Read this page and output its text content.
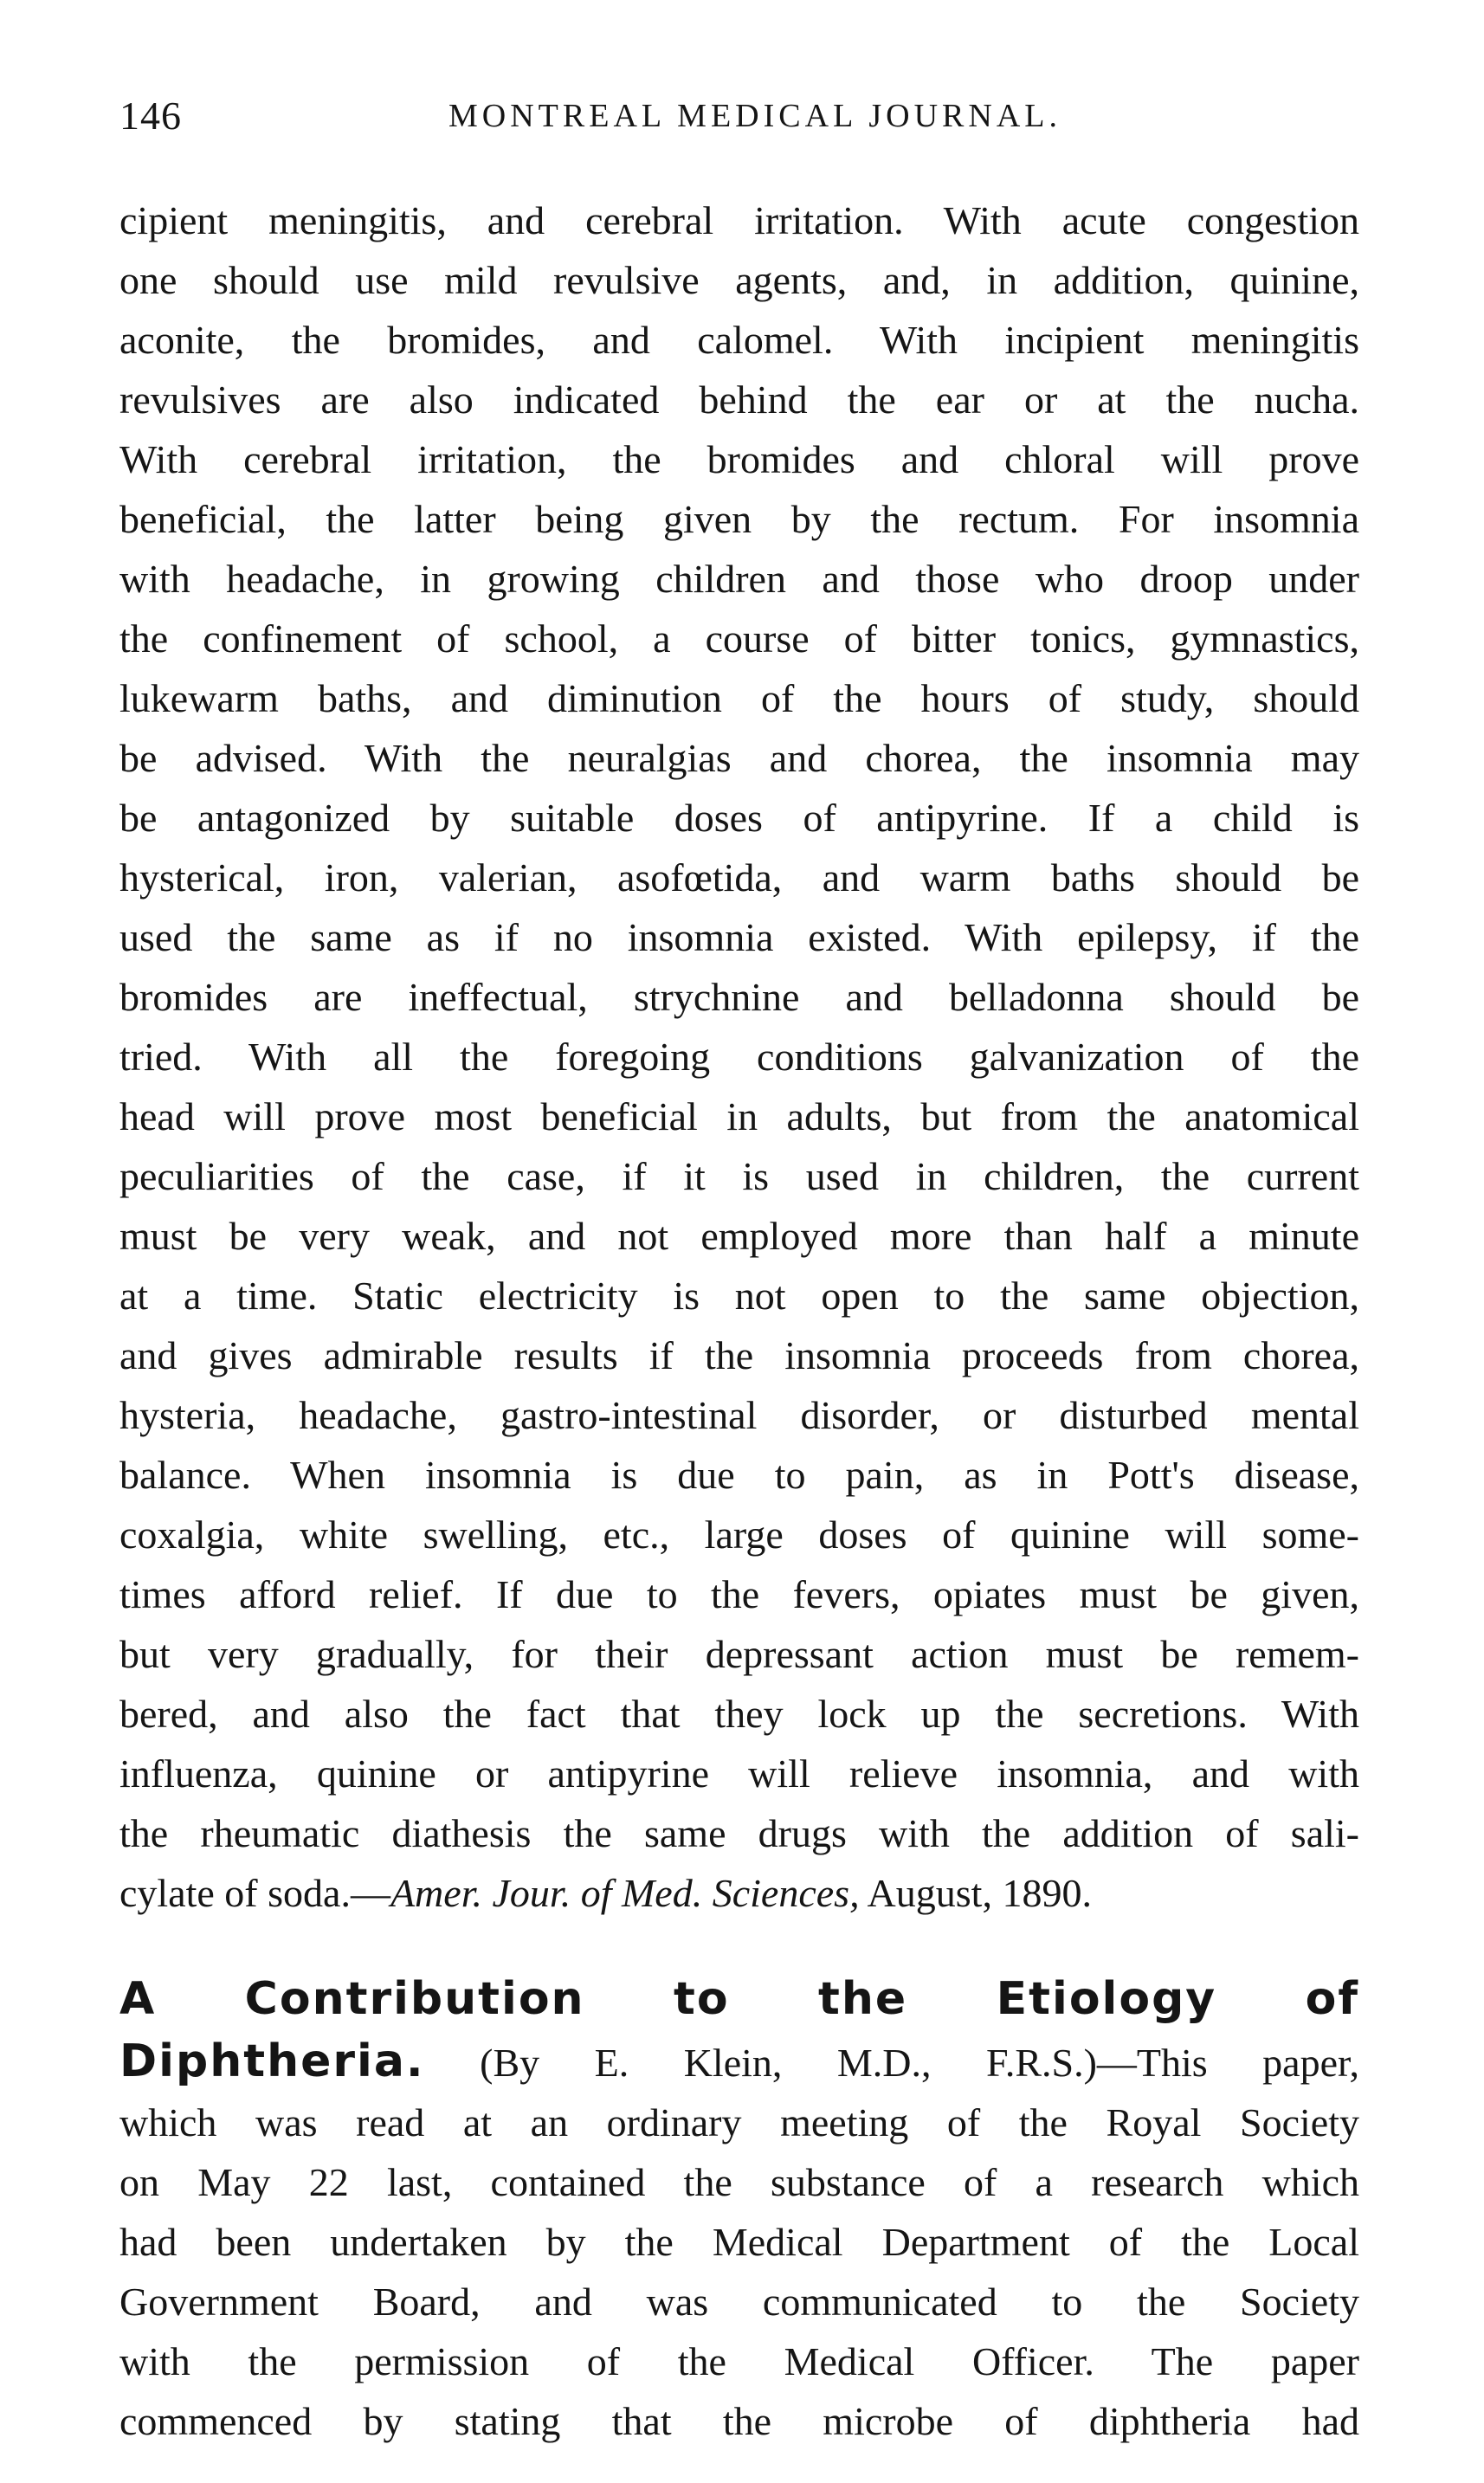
146	MONTREAL MEDICAL JOURNAL.
cipient meningitis, and cerebral irritation. With acute congestion
one should use mild revulsive agents, and, in addition, quinine,
aconite, the bromides, and calomel. With incipient meningitis
revulsives are also indicated behind the ear or at the nucha.
With cerebral irritation, the bromides and chloral will prove
beneficial, the latter being given by the rectum. For insomnia
with headache, in growing children and those who droop under
the confinement of school, a course of bitter tonics, gymnastics,
lukewarm baths, and diminution of the hours of study, should
be advised. With the neuralgias and chorea, the insomnia may
be antagonized by suitable doses of antipyrine. If a child is
hysterical, iron, valerian, asofœtida, and warm baths should be
used the same as if no insomnia existed. With epilepsy, if the
bromides are ineffectual, strychnine and belladonna should be
tried. With all the foregoing conditions galvanization of the
head will prove most beneficial in adults, but from the anatomical
peculiarities of the case, if it is used in children, the current
must be very weak, and not employed more than half a minute
at a time. Static electricity is not open to the same objection,
and gives admirable results if the insomnia proceeds from chorea,
hysteria, headache, gastro-intestinal disorder, or disturbed mental
balance. When insomnia is due to pain, as in Pott's disease,
coxalgia, white swelling, etc., large doses of quinine will some-
times afford relief. If due to the fevers, opiates must be given,
but very gradually, for their depressant action must be remem-
bered, and also the fact that they lock up the secretions. With
influenza, quinine or antipyrine will relieve insomnia, and with
the rheumatic diathesis the same drugs with the addition of sali-
cylate of soda.—Amer. Jour. of Med. Sciences, August, 1890.
A Contribution to the Etiology of
Diphtheria. (By E. Klein, M.D., F.R.S.)—This paper,
which was read at an ordinary meeting of the Royal Society
on May 22 last, contained the substance of a research which
had been undertaken by the Medical Department of the Local
Government Board, and was communicated to the Society
with the permission of the Medical Officer. The paper
commenced by stating that the microbe of diphtheria had
